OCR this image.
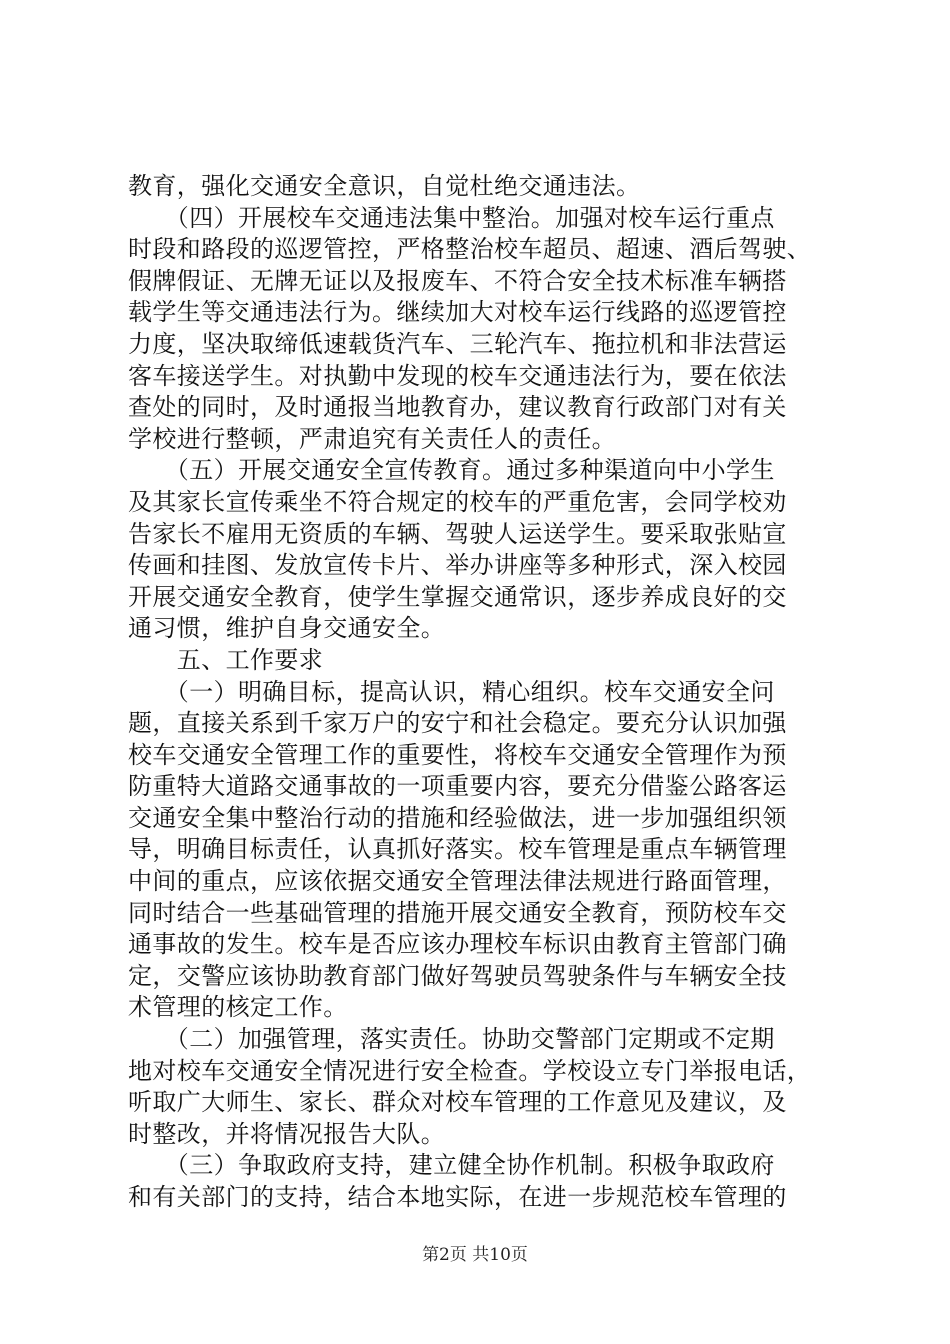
教育，强化交通安全意识，自觉杜绝交通违法。
　　（四）开展校车交通违法集中整治。加强对校车运行重点
时段和路段的巡逻管控，严格整治校车超员、超速、酒后驾驶、
假牌假证、无牌无证以及报废车、不符合安全技术标准车辆搭
载学生等交通违法行为。继续加大对校车运行线路的巡逻管控
力度，坚决取缔低速载货汽车、三轮汽车、拖拉机和非法营运
客车接送学生。对执勤中发现的校车交通违法行为，要在依法
查处的同时，及时通报当地教育办，建议教育行政部门对有关
学校进行整顿，严肃追究有关责任人的责任。
　　（五）开展交通安全宣传教育。通过多种渠道向中小学生
及其家长宣传乘坐不符合规定的校车的严重危害，会同学校劝
告家长不雇用无资质的车辆、驾驶人运送学生。要采取张贴宣
传画和挂图、发放宣传卡片、举办讲座等多种形式，深入校园
开展交通安全教育，使学生掌握交通常识，逐步养成良好的交
通习惯，维护自身交通安全。
　　五、工作要求
　　（一）明确目标，提高认识，精心组织。校车交通安全问
题，直接关系到千家万户的安宁和社会稳定。要充分认识加强
校车交通安全管理工作的重要性，将校车交通安全管理作为预
防重特大道路交通事故的一项重要内容，要充分借鉴公路客运
交通安全集中整治行动的措施和经验做法，进一步加强组织领
导，明确目标责任，认真抓好落实。校车管理是重点车辆管理
中间的重点，应该依据交通安全管理法律法规进行路面管理，
同时结合一些基础管理的措施开展交通安全教育，预防校车交
通事故的发生。校车是否应该办理校车标识由教育主管部门确
定，交警应该协助教育部门做好驾驶员驾驶条件与车辆安全技
术管理的核定工作。
　　（二）加强管理，落实责任。协助交警部门定期或不定期
地对校车交通安全情况进行安全检查。学校设立专门举报电话，
听取广大师生、家长、群众对校车管理的工作意见及建议，及
时整改，并将情况报告大队。
　　（三）争取政府支持，建立健全协作机制。积极争取政府
和有关部门的支持，结合本地实际，在进一步规范校车管理的
第2页 共10页
